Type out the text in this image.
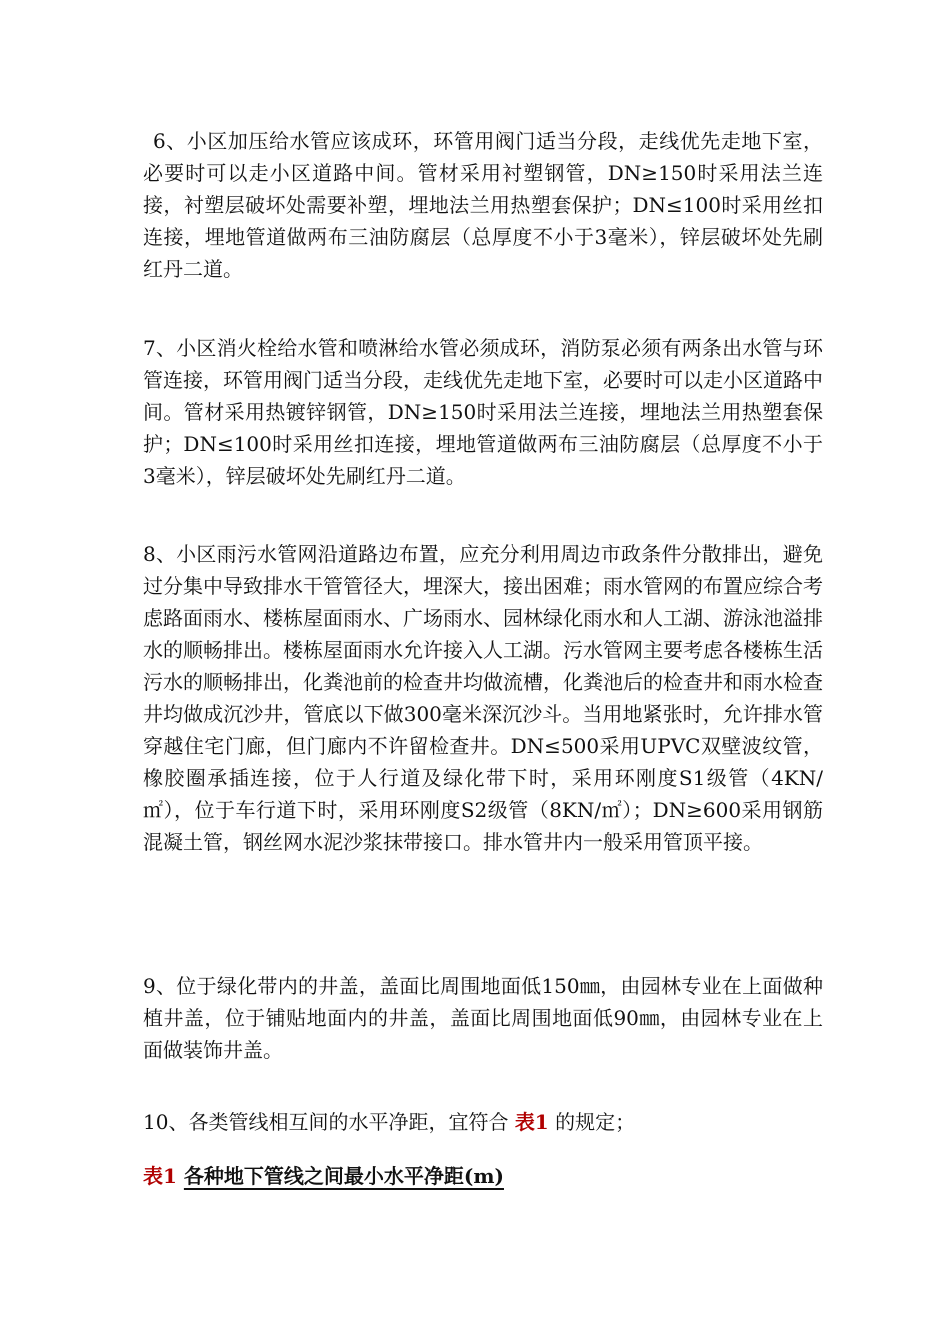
6、小区加压给水管应该成环，环管用阀门适当分段，走线优先走地下室，必要时可以走小区道路中间。管材采用衬塑钢管，DN≥150时采用法兰连接，衬塑层破坏处需要补塑，埋地法兰用热塑套保护；DN≤100时采用丝扣连接，埋地管道做两布三油防腐层（总厚度不小于3毫米），锌层破坏处先刷红丹二道。

7、小区消火栓给水管和喷淋给水管必须成环，消防泵必须有两条出水管与环管连接，环管用阀门适当分段，走线优先走地下室，必要时可以走小区道路中间。管材采用热镀锌钢管，DN≥150时采用法兰连接，埋地法兰用热塑套保护；DN≤100时采用丝扣连接，埋地管道做两布三油防腐层（总厚度不小于3毫米），锌层破坏处先刷红丹二道。

8、小区雨污水管网沿道路边布置，应充分利用周边市政条件分散排出，避免过分集中导致排水干管管径大，埋深大，接出困难；雨水管网的布置应综合考虑路面雨水、楼栋屋面雨水、广场雨水、园林绿化雨水和人工湖、游泳池溢排水的顺畅排出。楼栋屋面雨水允许接入人工湖。污水管网主要考虑各楼栋生活污水的顺畅排出，化粪池前的检查井均做流槽，化粪池后的检查井和雨水检查井均做成沉沙井，管底以下做300毫米深沉沙斗。当用地紧张时，允许排水管穿越住宅门廊，但门廊内不许留检查井。DN≤500采用UPVC双壁波纹管，橡胶圈承插连接，位于人行道及绿化带下时，采用环刚度S1级管（4KN/㎡），位于车行道下时，采用环刚度S2级管（8KN/㎡）；DN≥600采用钢筋混凝土管，钢丝网水泥沙浆抹带接口。排水管井内一般采用管顶平接。

9、位于绿化带内的井盖，盖面比周围地面低150㎜，由园林专业在上面做种植井盖，位于铺贴地面内的井盖，盖面比周围地面低90㎜，由园林专业在上面做装饰井盖。

10、各类管线相互间的水平净距，宜符合 表1 的规定；

表1 各种地下管线之间最小水平净距(m)
